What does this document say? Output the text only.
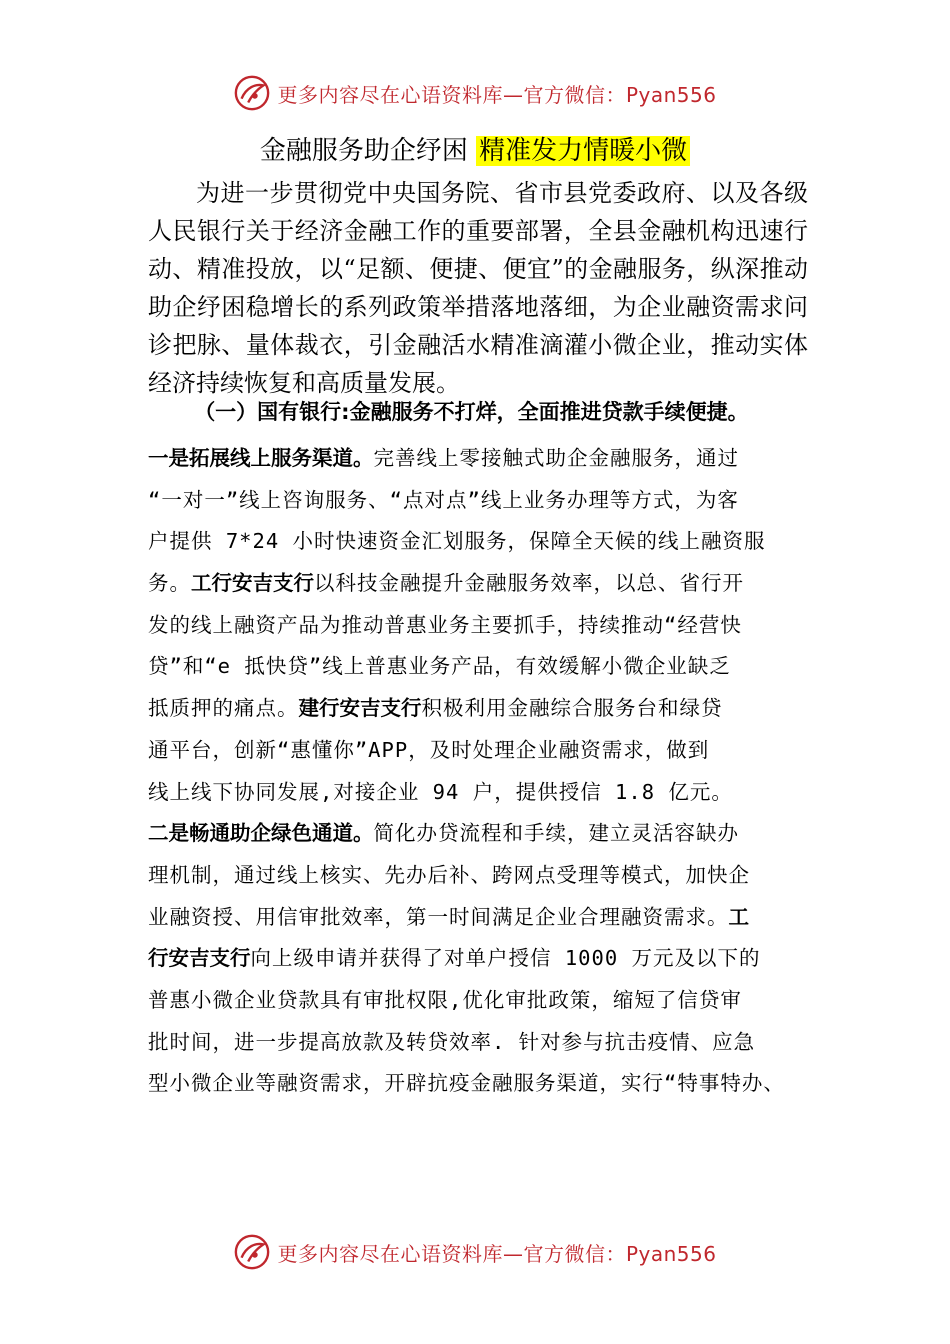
更多内容尽在心语资料库—官方微信：Pyan556
金融服务助企纾困 精准发力情暖小微

为进一步贯彻党中央国务院、省市县党委政府、以及各级人民银行关于经济金融工作的重要部署，全县金融机构迅速行动、精准投放，以“足额、便捷、便宜”的金融服务，纵深推动助企纾困稳增长的系列政策举措落地落细，为企业融资需求问诊把脉、量体裁衣，引金融活水精准滴灌小微企业，推动实体经济持续恢复和高质量发展。

（一）国有银行:金融服务不打烊，全面推进贷款手续便捷。
一是拓展线上服务渠道。完善线上零接触式助企金融服务，通过
“一对一”线上咨询服务、“点对点”线上业务办理等方式，为客
户提供 7*24 小时快速资金汇划服务，保障全天候的线上融资服
务。工行安吉支行以科技金融提升金融服务效率，以总、省行开
发的线上融资产品为推动普惠业务主要抓手，持续推动“经营快
贷”和“e 抵快贷”线上普惠业务产品，有效缓解小微企业缺乏
抵质押的痛点。建行安吉支行积极利用金融综合服务台和绿贷
通平台，创新“惠懂你”APP，及时处理企业融资需求，做到
线上线下协同发展,对接企业 94 户，提供授信 1.8 亿元。
二是畅通助企绿色通道。简化办贷流程和手续，建立灵活容缺办
理机制，通过线上核实、先办后补、跨网点受理等模式，加快企
业融资授、用信审批效率，第一时间满足企业合理融资需求。工
行安吉支行向上级申请并获得了对单户授信 1000 万元及以下的
普惠小微企业贷款具有审批权限,优化审批政策，缩短了信贷审
批时间，进一步提高放款及转贷效率. 针对参与抗击疫情、应急
型小微企业等融资需求，开辟抗疫金融服务渠道，实行“特事特办、
更多内容尽在心语资料库—官方微信：Pyan556
